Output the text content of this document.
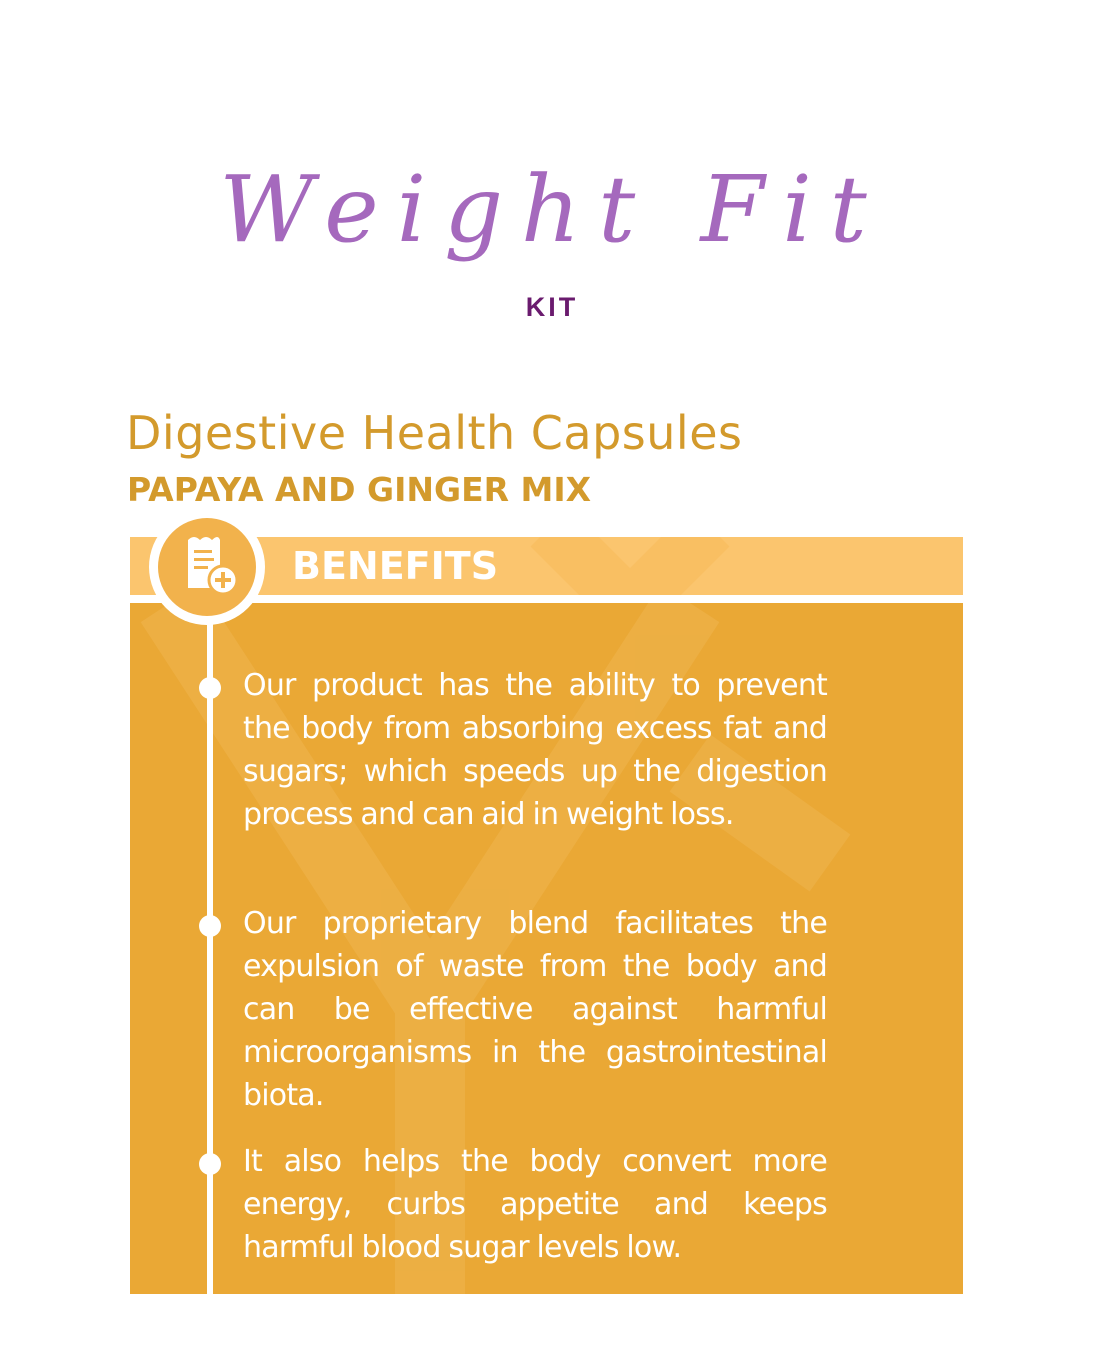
Weight Fit
KIT
Digestive Health Capsules
PAPAYA AND GINGER MIX
BENEFITS

Our product has the ability to prevent the body from absorbing excess fat and sugars; which speeds up the digestion process and can aid in weight loss.

Our proprietary blend facilitates the expulsion of waste from the body and can be effective against harmful microorganisms in the gastrointestinal biota.

It also helps the body convert more energy, curbs appetite and keeps harmful blood sugar levels low.
